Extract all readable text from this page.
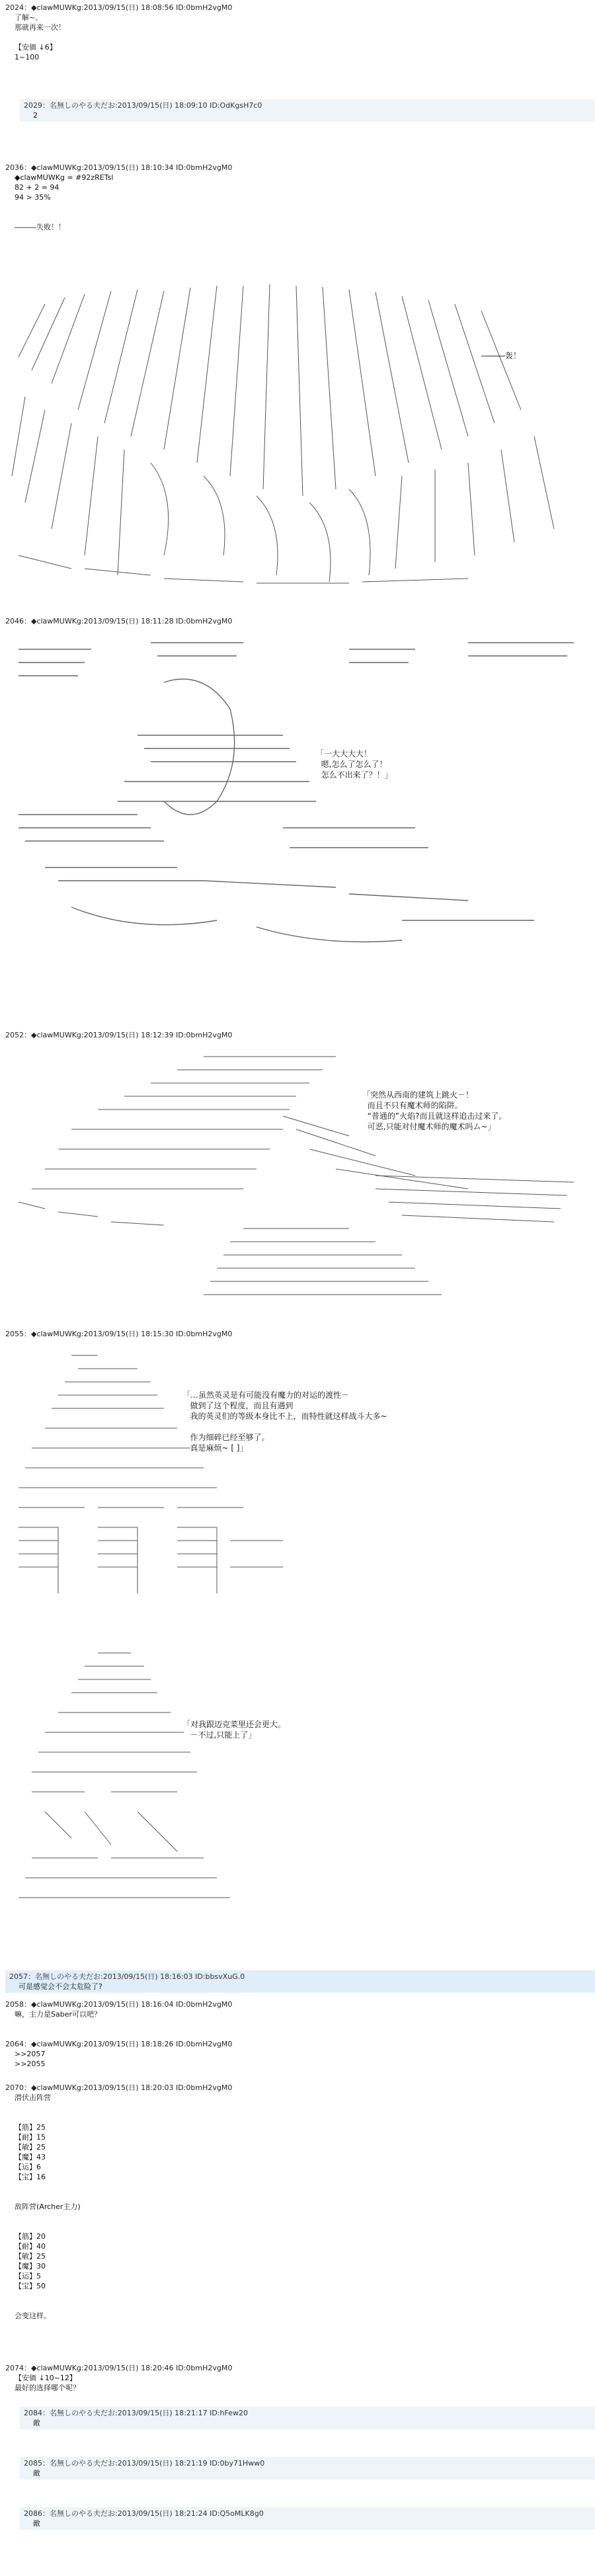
2024：◆clawMUWKg:2013/09/15(日) 18:08:56 ID:0bmH2vgM0
了解~。
那就再来一次！

【安価 ↓6】
1~100
2029：名無しのやる夫だお:2013/09/15(日) 18:09:10 ID:OdKgsH7c0
2
2036：◆clawMUWKg:2013/09/15(日) 18:10:34 ID:0bmH2vgM0
◆clawMUWKg = #92zRETsl
82 + 2 = 94
94 > 35%

―――失败！！
―――轰！
2046：◆clawMUWKg:2013/09/15(日) 18:11:28 ID:0bmH2vgM0
「一大大大大！
嗯,怎么了怎么了！
怎么不出来了？！」
2052：◆clawMUWKg:2013/09/15(日) 18:12:39 ID:0bmH2vgM0
「突然从西南的建筑上跳火－！
而且不只有魔术师的陷阱。
“普通的”火焰?而且就这样追击过来了。
可恶,只能对付魔术师的魔术吗ム~」
2055：◆clawMUWKg:2013/09/15(日) 18:15:30 ID:0bmH2vgM0
「…虽然英灵是有可能没有魔力的对运的渡性－
做到了这个程度，而且有遇到
我的英灵们的等级本身比不上，而特性就这样战斗大多~

作为细碎已经至够了。
真是麻烦~ [ ]」
「对我跟迈克菜里还会更大。
－不过,只能上了」
2057：名無しのやる夫だお:2013/09/15(日) 18:16:03 ID:bbsvXuG.0
可是感觉会不会太危险了?
2058：◆clawMUWKg:2013/09/15(日) 18:16:04 ID:0bmH2vgM0
嘛，主力是Saber可以吧？
2064：◆clawMUWKg:2013/09/15(日) 18:18:26 ID:0bmH2vgM0
>>2057
>>2055
2070：◆clawMUWKg:2013/09/15(日) 18:20:03 ID:0bmH2vgM0
潜伏击阵营

【筋】25
【耐】15
【敏】25
【魔】43
【运】6
【宝】16

敌阵营(Archer主力)

【筋】20
【耐】40
【敏】25
【魔】30
【运】5
【宝】50

会变这样。
2074：◆clawMUWKg:2013/09/15(日) 18:20:46 ID:0bmH2vgM0
【安価 ↓10~12】
最好的选择哪个呢？
2084：名無しのやる夫だお:2013/09/15(日) 18:21:17 ID:hFew20
敵
2085：名無しのやる夫だお:2013/09/15(日) 18:21:19 ID:0by71Hww0
敵
2086：名無しのやる夫だお:2013/09/15(日) 18:21:24 ID:Q5oMLK8g0
敵
